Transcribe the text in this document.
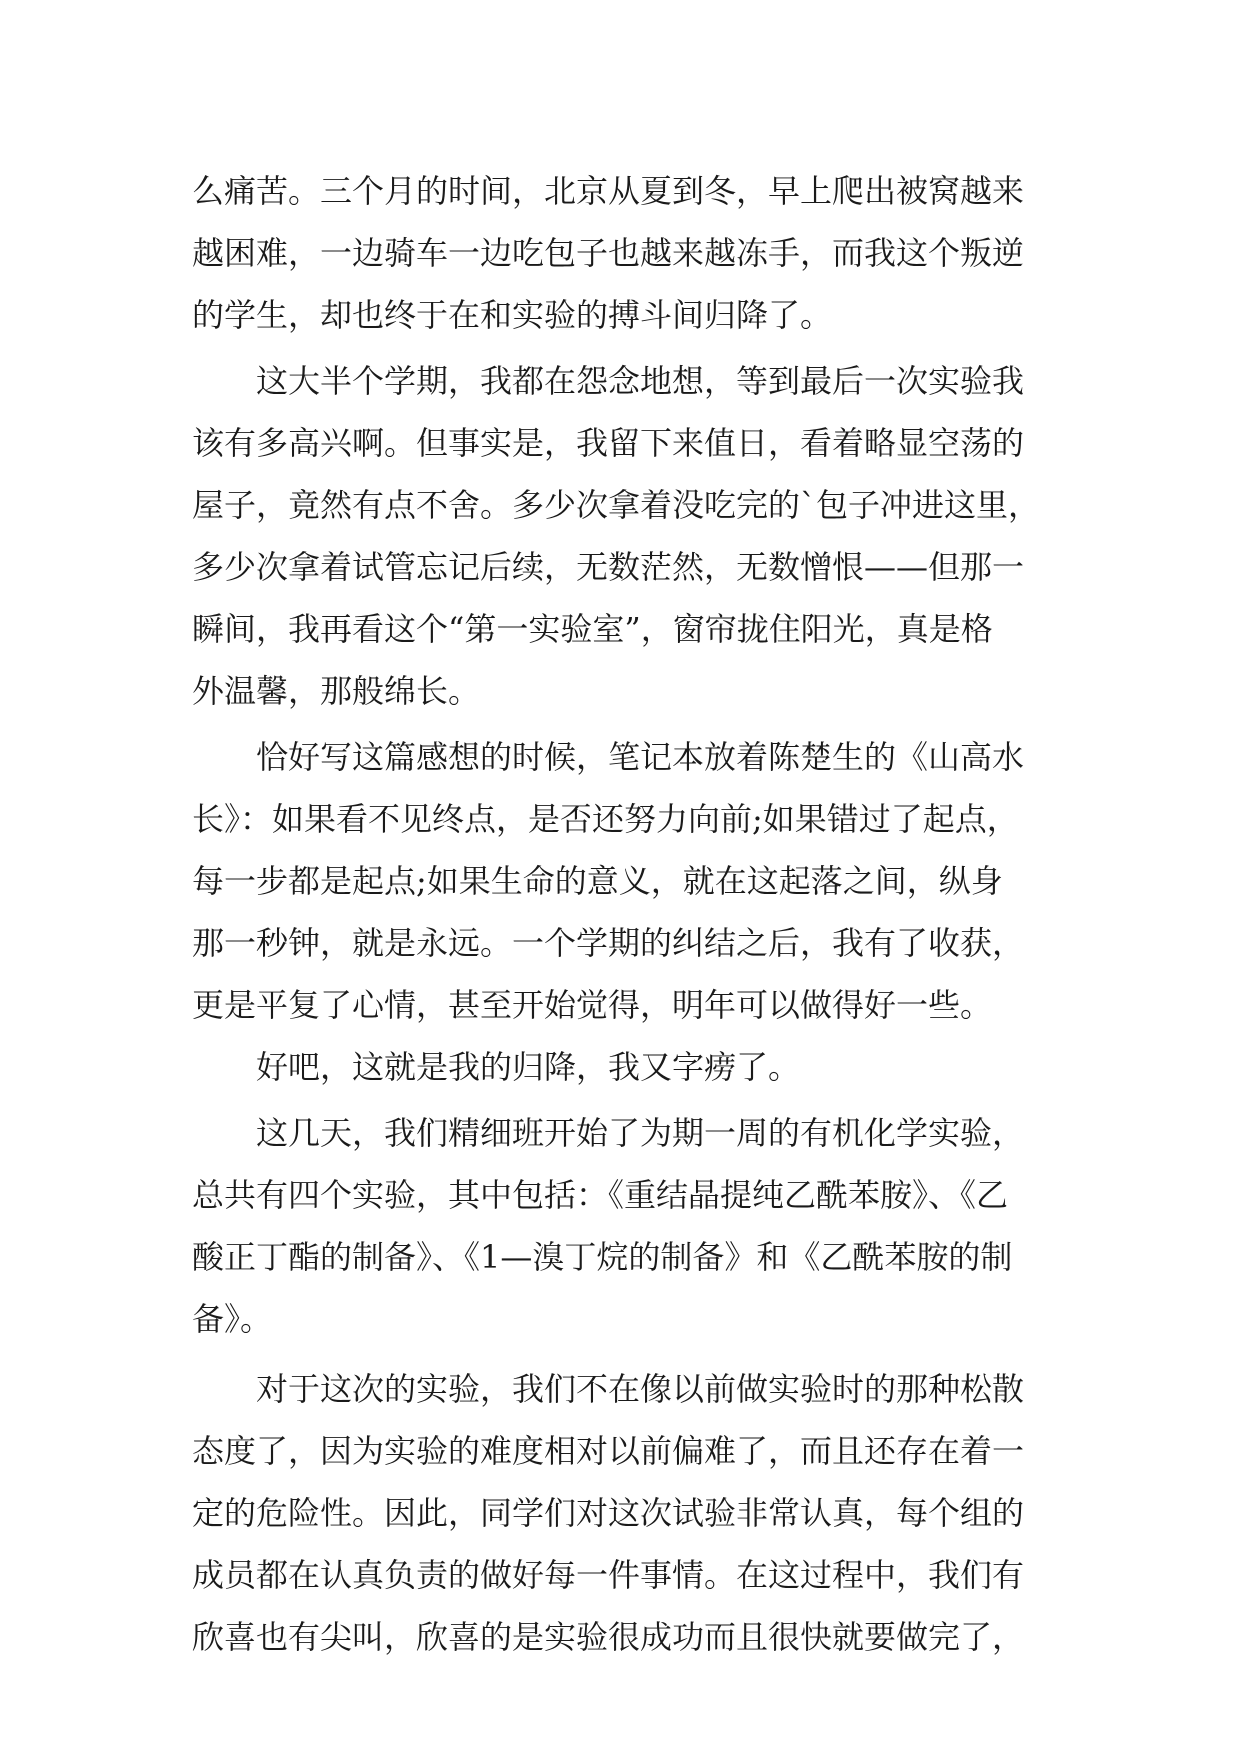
么痛苦。三个月的时间，北京从夏到冬，早上爬出被窝越来
越困难，一边骑车一边吃包子也越来越冻手，而我这个叛逆
的学生，却也终于在和实验的搏斗间归降了。
这大半个学期，我都在怨念地想，等到最后一次实验我
该有多高兴啊。但事实是，我留下来值日，看着略显空荡的
屋子，竟然有点不舍。多少次拿着没吃完的`包子冲进这里，
多少次拿着试管忘记后续，无数茫然，无数憎恨——但那一
瞬间，我再看这个“第一实验室”，窗帘拢住阳光，真是格
外温馨，那般绵长。
恰好写这篇感想的时候，笔记本放着陈楚生的《山高水
长》：如果看不见终点，是否还努力向前;如果错过了起点，
每一步都是起点;如果生命的意义，就在这起落之间，纵身
那一秒钟，就是永远。一个学期的纠结之后，我有了收获，
更是平复了心情，甚至开始觉得，明年可以做得好一些。
好吧，这就是我的归降，我又字痨了。
这几天，我们精细班开始了为期一周的有机化学实验，
总共有四个实验，其中包括：《重结晶提纯乙酰苯胺》、《乙
酸正丁酯的制备》、《1—溴丁烷的制备》和《乙酰苯胺的制
备》。
对于这次的实验，我们不在像以前做实验时的那种松散
态度了，因为实验的难度相对以前偏难了，而且还存在着一
定的危险性。因此，同学们对这次试验非常认真，每个组的
成员都在认真负责的做好每一件事情。在这过程中，我们有
欣喜也有尖叫，欣喜的是实验很成功而且很快就要做完了，
